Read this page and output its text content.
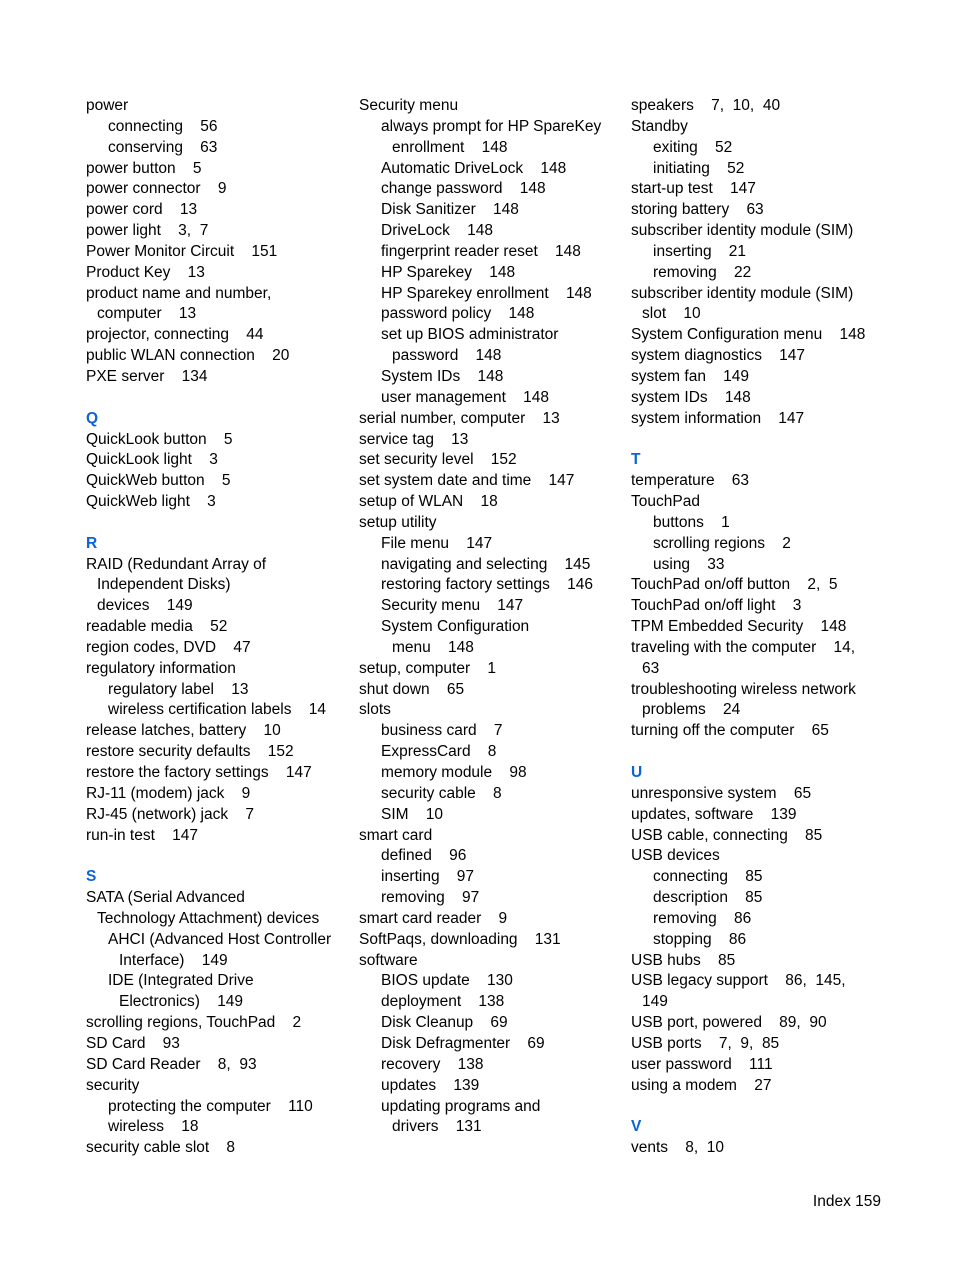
power
connecting    56
conserving    63
power button    5
power connector    9
power cord    13
power light    3,  7
Power Monitor Circuit    151
Product Key    13
product name and number,
computer    13
projector, connecting    44
public WLAN connection    20
PXE server    134
Q
QuickLook button    5
QuickLook light    3
QuickWeb button    5
QuickWeb light    3
R
RAID (Redundant Array of
Independent Disks)
devices    149
readable media    52
region codes, DVD    47
regulatory information
regulatory label    13
wireless certification labels    14
release latches, battery    10
restore security defaults    152
restore the factory settings    147
RJ-11 (modem) jack    9
RJ-45 (network) jack    7
run-in test    147
S
SATA (Serial Advanced
Technology Attachment) devices
AHCI (Advanced Host Controller
Interface)    149
IDE (Integrated Drive
Electronics)    149
scrolling regions, TouchPad    2
SD Card    93
SD Card Reader    8,  93
security
protecting the computer    110
wireless    18
security cable slot    8
Security menu
always prompt for HP SpareKey
enrollment    148
Automatic DriveLock    148
change password    148
Disk Sanitizer    148
DriveLock    148
fingerprint reader reset    148
HP Sparekey    148
HP Sparekey enrollment    148
password policy    148
set up BIOS administrator
password    148
System IDs    148
user management    148
serial number, computer    13
service tag    13
set security level    152
set system date and time    147
setup of WLAN    18
setup utility
File menu    147
navigating and selecting    145
restoring factory settings    146
Security menu    147
System Configuration
menu    148
setup, computer    1
shut down    65
slots
business card    7
ExpressCard    8
memory module    98
security cable    8
SIM    10
smart card
defined    96
inserting    97
removing    97
smart card reader    9
SoftPaqs, downloading    131
software
BIOS update    130
deployment    138
Disk Cleanup    69
Disk Defragmenter    69
recovery    138
updates    139
updating programs and
drivers    131
speakers    7,  10,  40
Standby
exiting    52
initiating    52
start-up test    147
storing battery    63
subscriber identity module (SIM)
inserting    21
removing    22
subscriber identity module (SIM)
slot    10
System Configuration menu    148
system diagnostics    147
system fan    149
system IDs    148
system information    147
T
temperature    63
TouchPad
buttons    1
scrolling regions    2
using    33
TouchPad on/off button    2,  5
TouchPad on/off light    3
TPM Embedded Security    148
traveling with the computer    14,
63
troubleshooting wireless network
problems    24
turning off the computer    65
U
unresponsive system    65
updates, software    139
USB cable, connecting    85
USB devices
connecting    85
description    85
removing    86
stopping    86
USB hubs    85
USB legacy support    86,  145,
149
USB port, powered    89,  90
USB ports    7,  9,  85
user password    111
using a modem    27
V
vents    8,  10
Index 159
